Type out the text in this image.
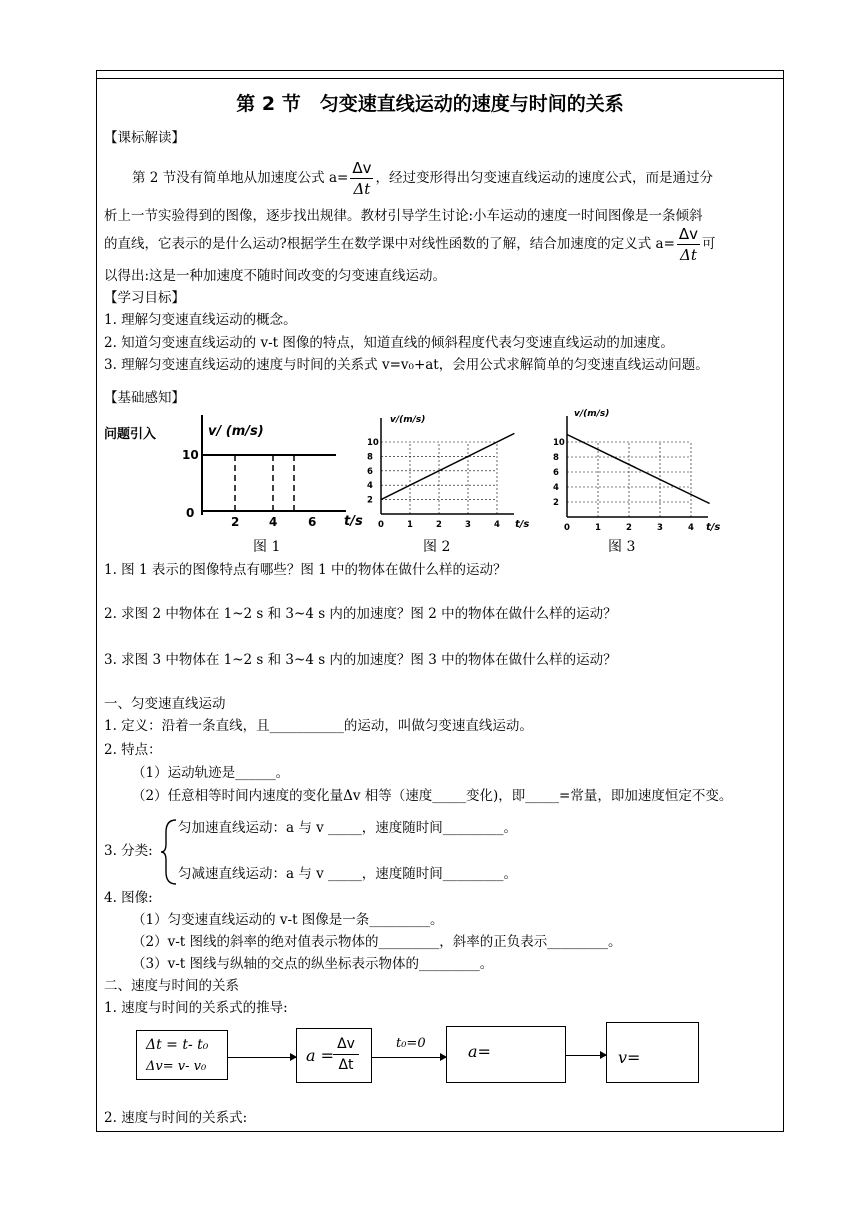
第 2 节　匀变速直线运动的速度与时间的关系
【课标解读】
第 2 节没有简单地从加速度公式 $a= \frac{\Delta v}{\Delta t}$ ，经过变形得出匀变速直线运动的速度公式，而是通过分
析上一节实验得到的图像，逐步找出规律。教材引导学生讨论:小车运动的速度一时间图像是一条倾斜
的直线，它表示的是什么运动?根据学生在数学课中对线性函数的了解，结合加速度的定义式 $a= \frac{\Delta v}{\Delta t}$ 可
以得出:这是一种加速度不随时间改变的匀变速直线运动。
【学习目标】
1. 理解匀变速直线运动的概念。
2. 知道匀变速直线运动的 v-t 图像的特点，知道直线的倾斜程度代表匀变速直线运动的加速度。
3. 理解匀变速直线运动的速度与时间的关系式 v=v₀+at，会用公式求解简单的匀变速直线运动问题。
【基础感知】
问题引入	v/ (m/s)
t/s
10
0
2 4	6
图 1
v/(m/s)
t/s
10
8
6
4
2
0	1	2	3	4
图 2
v/(m/s)
t/s
10
8
6
4
2
0	1	2	3	4
图 3
1. 图 1 表示的图像特点有哪些？图 1 中的物体在做什么样的运动？
2. 求图 2 中物体在 1~2 s 和 3~4 s 内的加速度？图 2 中的物体在做什么样的运动？
3. 求图 3 中物体在 1~2 s 和 3~4 s 内的加速度？图 3 中的物体在做什么样的运动？
一、匀变速直线运动
1. 定义：沿着一条直线，且___________的运动，叫做匀变速直线运动。
2. 特点：
（1）运动轨迹是______。
（2）任意相等时间内速度的变化量Δv 相等（速度_____变化)，即_____=常量，即加速度恒定不变。
3. 分类:
匀加速直线运动：a 与 v _____，速度随时间_________。
匀减速直线运动：a 与 v _____，速度随时间_________。
4. 图像:
（1）匀变速直线运动的 v-t 图像是一条_________。
（2）v-t 图线的斜率的绝对值表示物体的_________，斜率的正负表示_________。
（3）v-t 图线与纵轴的交点的纵坐标表示物体的_________。
二、速度与时间的关系
1. 速度与时间的关系式的推导:
Δt = t- t₀
Δv= v- v₀
a =
$\frac{\Delta v}{\Delta t}$	t₀=0	a=	v=
2. 速度与时间的关系式:
